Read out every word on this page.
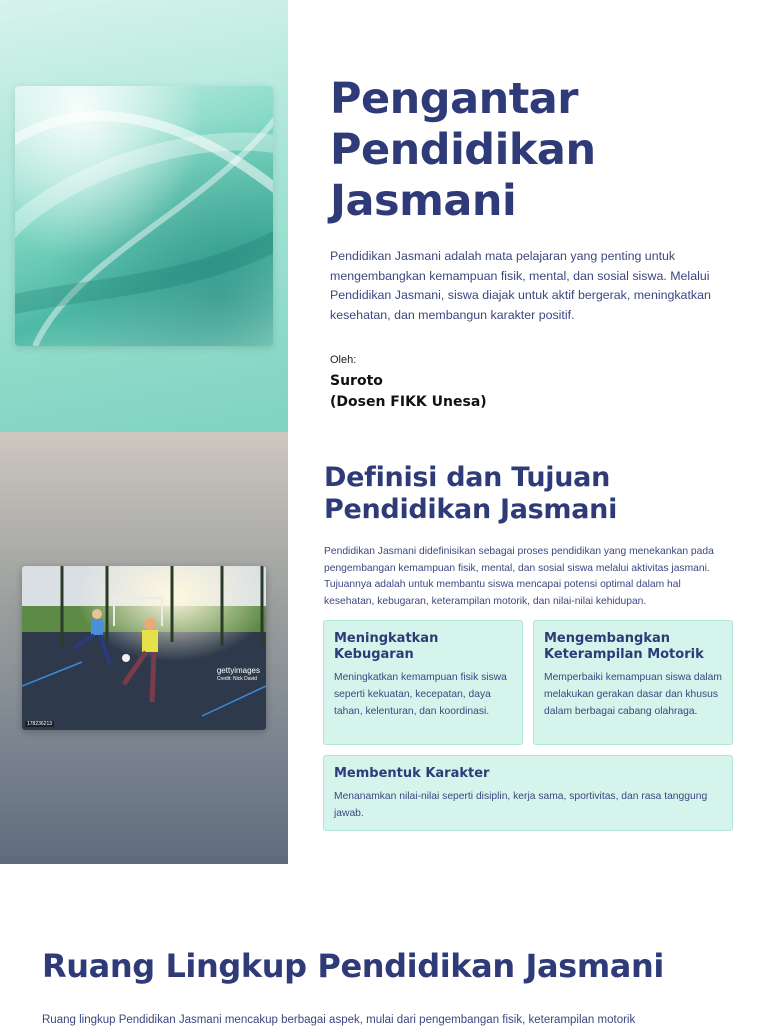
Pengantar Pendidikan Jasmani

Pendidikan Jasmani adalah mata pelajaran yang penting untuk mengembangkan kemampuan fisik, mental, dan sosial siswa. Melalui Pendidikan Jasmani, siswa diajak untuk aktif bergerak, meningkatkan kesehatan, dan membangun karakter positif.

Oleh:
Suroto
(Dosen FIKK Unesa)
gettyimages
Credit: Nick David
178236213
Definisi dan Tujuan Pendidikan Jasmani

Pendidikan Jasmani didefinisikan sebagai proses pendidikan yang menekankan pada pengembangan kemampuan fisik, mental, dan sosial siswa melalui aktivitas jasmani. Tujuannya adalah untuk membantu siswa mencapai potensi optimal dalam hal kesehatan, kebugaran, keterampilan motorik, dan nilai-nilai kehidupan.

Meningkatkan Kebugaran

Meningkatkan kemampuan fisik siswa seperti kekuatan, kecepatan, daya tahan, kelenturan, dan koordinasi.

Mengembangkan Keterampilan Motorik

Memperbaiki kemampuan siswa dalam melakukan gerakan dasar dan khusus dalam berbagai cabang olahraga.

Membentuk Karakter

Menanamkan nilai-nilai seperti disiplin, kerja sama, sportivitas, dan rasa tanggung jawab.

Ruang Lingkup Pendidikan Jasmani

Ruang lingkup Pendidikan Jasmani mencakup berbagai aspek, mulai dari pengembangan fisik, keterampilan motorik
